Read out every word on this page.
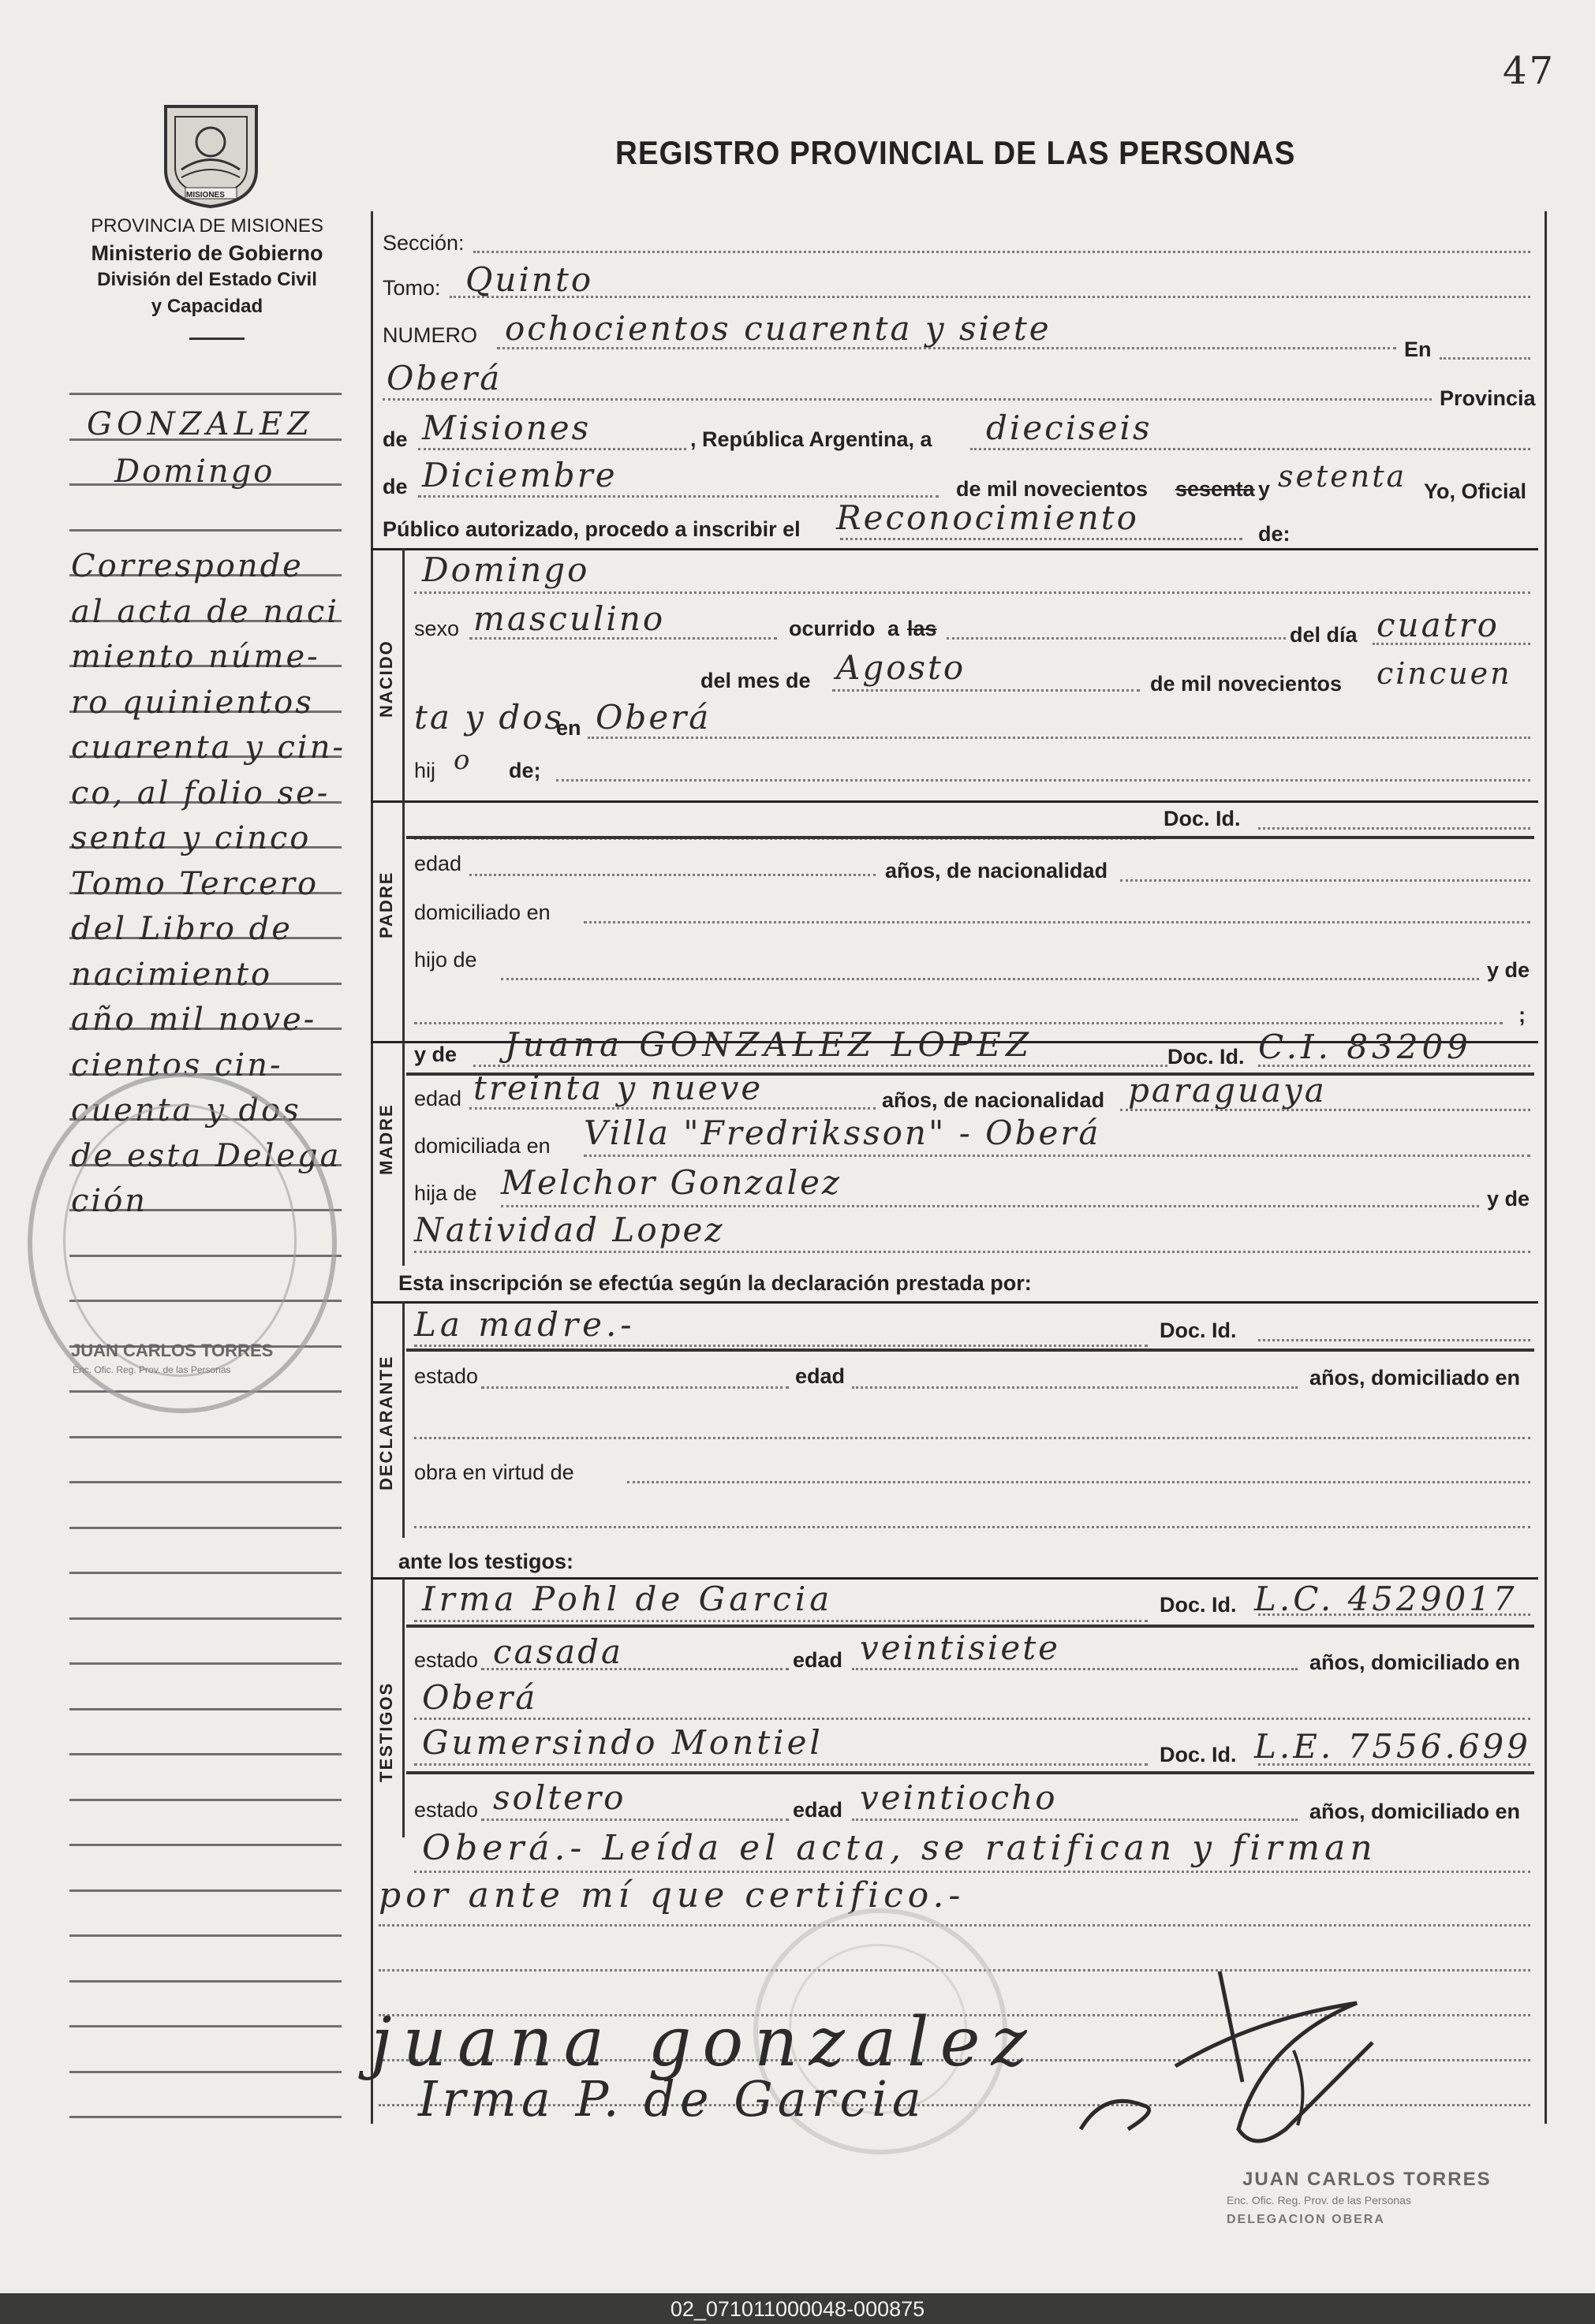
47
REGISTRO PROVINCIAL DE LAS PERSONAS
MISIONES
PROVINCIA DE MISIONES
Ministerio de Gobierno
División del Estado Civil
y Capacidad
GONZALEZ
Domingo
Corresponde
al acta de naci
miento núme-
ro quinientos
cuarenta y cin-
co, al folio se-
senta y cinco
Tomo Tercero
del Libro de
nacimiento
año mil nove-
cientos cin-
cuenta y dos
de esta Delega
ción
JUAN CARLOS TORRES
Enc. Ofic. Reg. Prov. de las Personas
Sección:
Tomo: Quinto
NUMERO ochocientos cuarenta y siete
En
Oberá
Provincia
de Misiones	, República Argentina, a dieciseis
de Diciembre	de mil novecientos sesenta y setenta Yo, Oficial
Público autorizado, procedo a inscribir el Reconocimiento	de:
NACIDO
Domingo
sexo masculino	ocurrido a las	del día cuatro
del mes de Agosto	de mil novecientos cincuen
ta y dos
en Oberá
hij o de;
PADRE
Doc. Id.
edad	años, de nacionalidad
domiciliado en
hijo de	y de
;
MADRE
y de Juana GONZALEZ LOPEZ	Doc. Id. C.I. 83209
edad treinta y nueve	años, de nacionalidad paraguaya
domiciliada en Villa "Fredriksson" - Oberá
hija de Melchor Gonzalez	y de
Natividad Lopez
Esta inscripción se efectúa según la declaración prestada por:
DECLARANTE
La madre.-	Doc. Id.
estado	edad	años, domiciliado en
obra en virtud de
ante los testigos:
TESTIGOS
Irma Pohl de Garcia	Doc. Id. L.C. 4529017
estado casada	edad veintisiete	años, domiciliado en
Oberá
Gumersindo Montiel	Doc. Id. L.E. 7556.699
estado soltero	edad veintiocho	años, domiciliado en
Oberá.- Leída el acta, se ratifican y firman
por ante mí que certifico.-
juana gonzalez
Irma P. de Garcia
JUAN CARLOS TORRES
Enc. Ofic. Reg. Prov. de las Personas
DELEGACION OBERA
02_071011000048-000875
